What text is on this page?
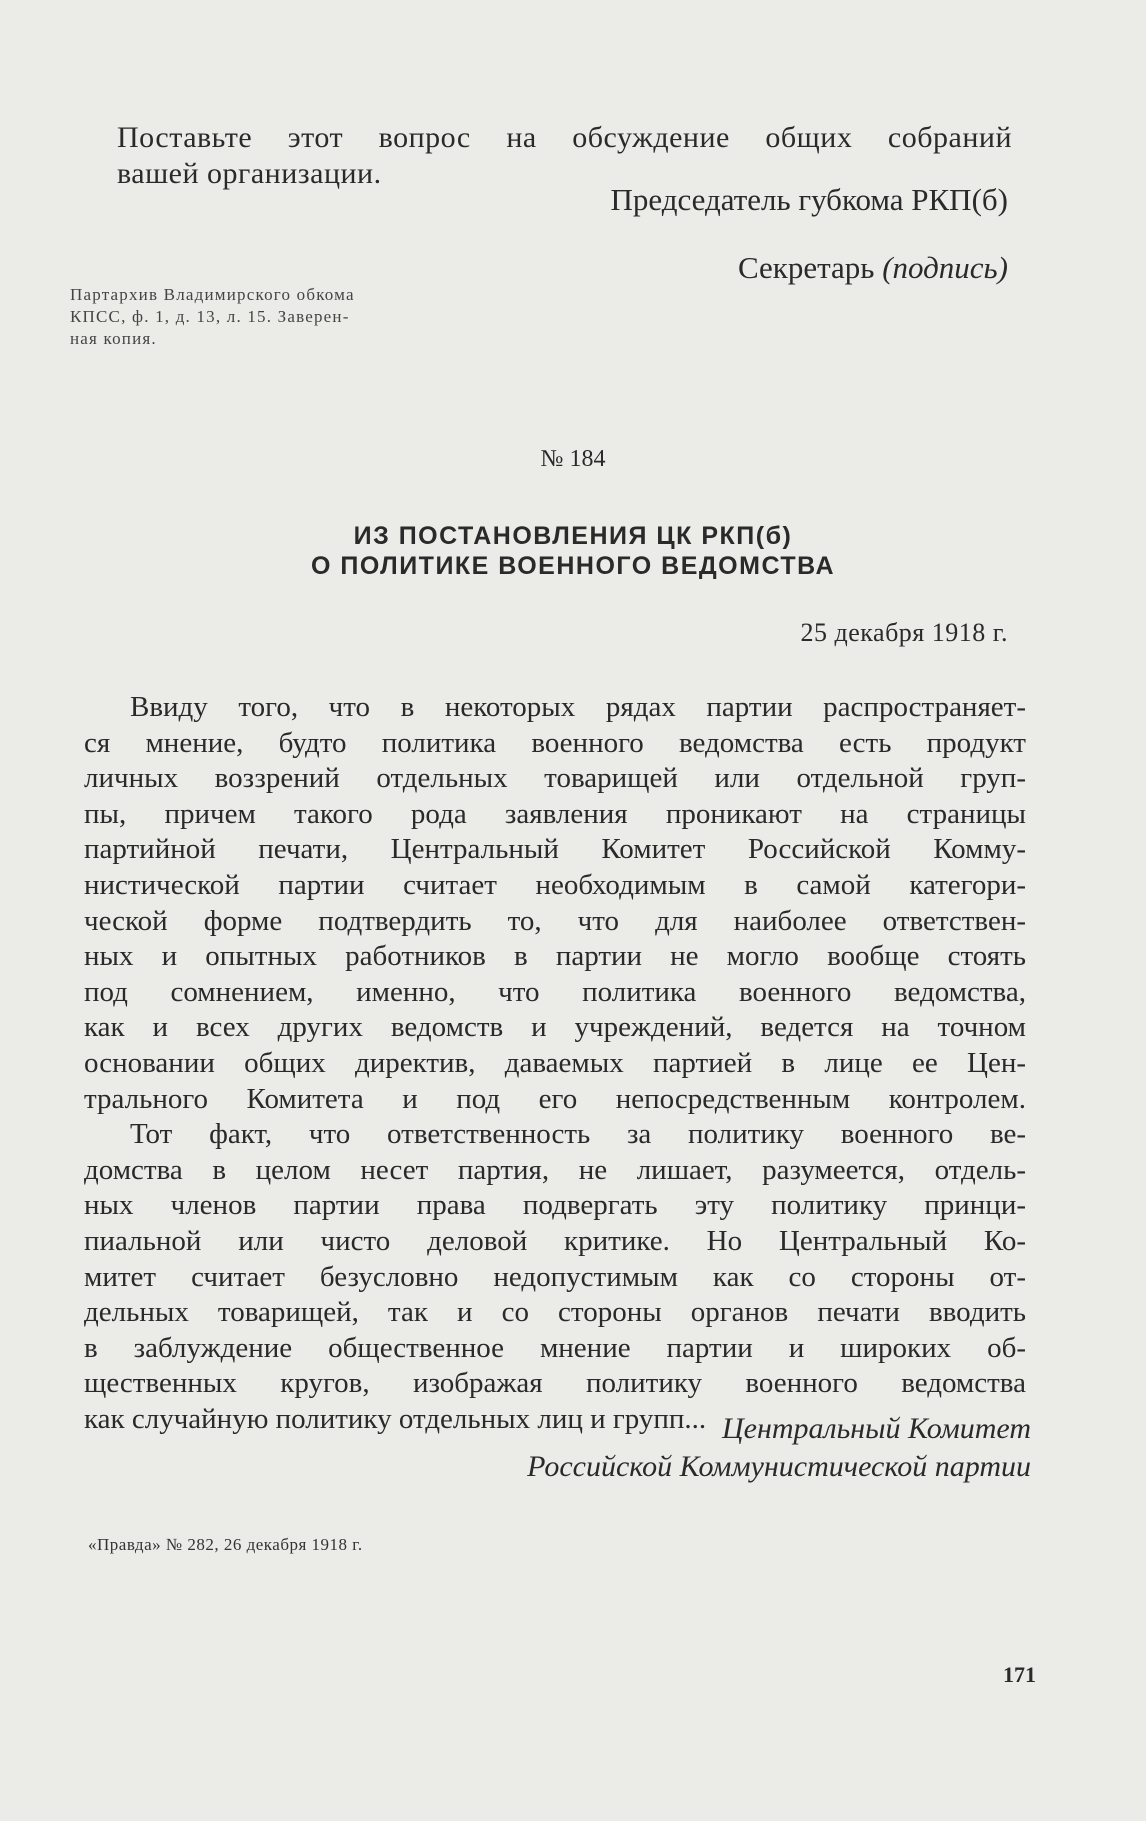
Поставьте этот вопрос на обсуждение общих собраний

вашей организации.

Председатель губкома РКП(б)

Секретарь (подпись)

Партархив Владимирского обкома
КПСС, ф. 1, д. 13, л. 15. Заверен-
ная копия.

№ 184

ИЗ ПОСТАНОВЛЕНИЯ ЦК РКП(б)

О ПОЛИТИКЕ ВОЕННОГО ВЕДОМСТВА

25 декабря 1918 г.

Ввиду того, что в некоторых рядах партии распространяет-
ся мнение, будто политика военного ведомства есть продукт
личных воззрений отдельных товарищей или отдельной груп-
пы, причем такого рода заявления проникают на страницы
партийной печати, Центральный Комитет Российской Комму-
нистической партии считает необходимым в самой категори-
ческой форме подтвердить то, что для наиболее ответствен-
ных и опытных работников в партии не могло вообще стоять
под сомнением, именно, что политика военного ведомства,
как и всех других ведомств и учреждений, ведется на точном
основании общих директив, даваемых партией в лице ее Цен-
трального Комитета и под его непосредственным контролем.
Тот факт, что ответственность за политику военного ве-
домства в целом несет партия, не лишает, разумеется, отдель-
ных членов партии права подвергать эту политику принци-
пиальной или чисто деловой критике. Но Центральный Ко-
митет считает безусловно недопустимым как со стороны от-
дельных товарищей, так и со стороны органов печати вводить
в заблуждение общественное мнение партии и широких об-
щественных кругов, изображая политику военного ведомства
как случайную политику отдельных лиц и групп... Центральный Комитет

Российской Коммунистической партии

«Правда» № 282, 26 декабря 1918 г.

171
